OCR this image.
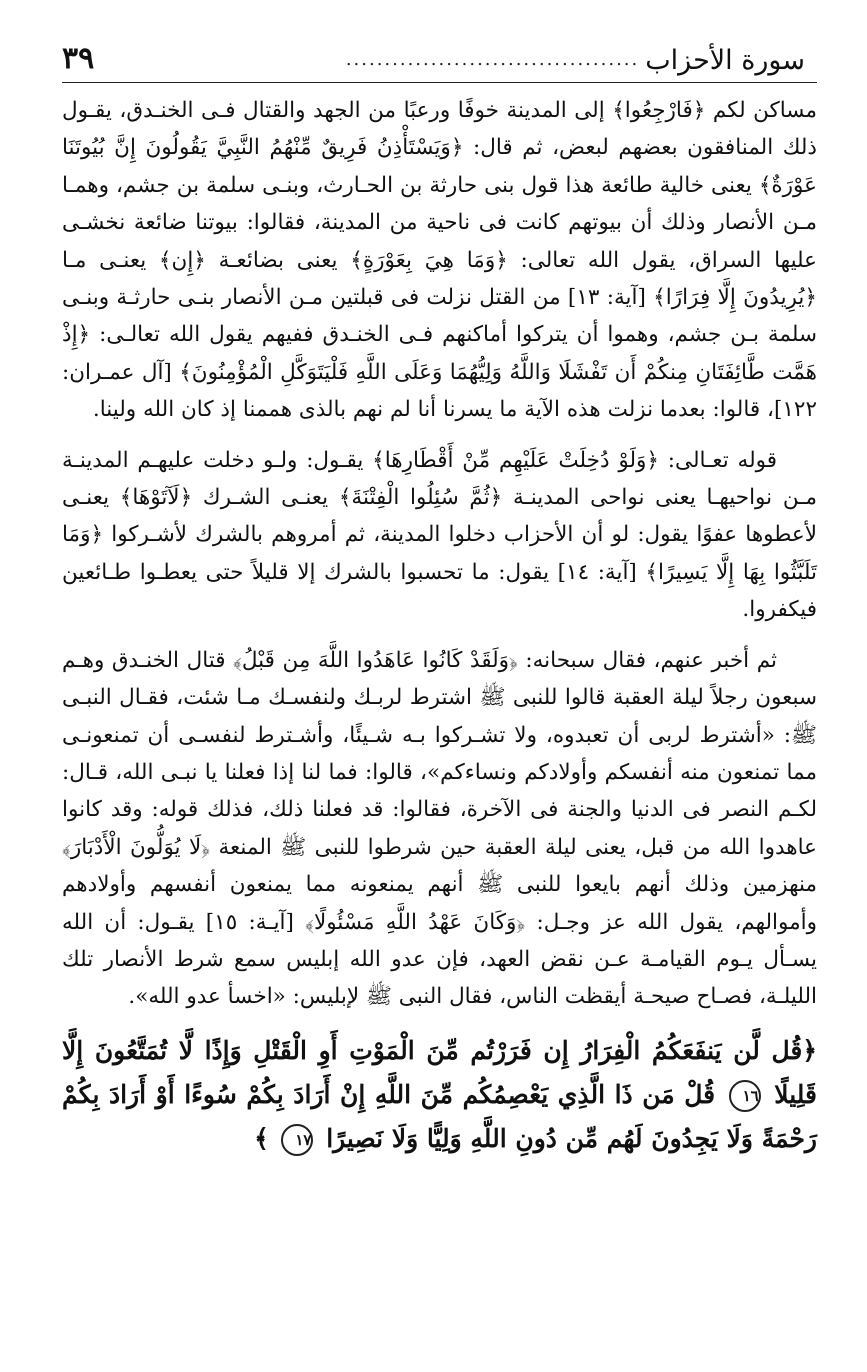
سورة الأحزاب
......................................
٣٩

مساكن لكم ﴿فَارْجِعُوا﴾ إلى المدينة خوفًا ورعبًا من الجهد والقتال فـى الخنـدق، يقـول ذلك المنافقون بعضهم لبعض، ثم قال: ﴿وَيَسْتَأْذِنُ فَرِيقٌ مِّنْهُمُ النَّبِيَّ يَقُولُونَ إِنَّ بُيُوتَنَا عَوْرَةٌ﴾ يعنى خالية طائعة هذا قول بنى حارثة بن الحـارث، وبنـى سلمة بن جشم، وهمـا مـن الأنصار وذلك أن بيوتهم كانت فى ناحية من المدينة، فقالوا: بيوتنا ضائعة نخشـى عليها السراق، يقول الله تعالى: ﴿وَمَا هِيَ بِعَوْرَةٍ﴾ يعنى بضائعـة ﴿إِن﴾ يعنـى مـا ﴿يُرِيدُونَ إِلَّا فِرَارًا﴾ [آية: ١٣] من القتل نزلت فى قبلتين مـن الأنصار بنـى حارثـة وبنـى سلمة بـن جشم، وهموا أن يتركوا أماكنهم فـى الخنـدق ففيهم يقول الله تعالـى: ﴿إِذْ هَمَّت طَّائِفَتَانِ مِنكُمْ أَن تَفْشَلَا وَاللَّهُ وَلِيُّهُمَا وَعَلَى اللَّهِ فَلْيَتَوَكَّلِ الْمُؤْمِنُونَ﴾ [آل عمـران: ١٢٢]، قالوا: بعدما نزلت هذه الآية ما يسرنا أنا لم نهم بالذى هممنا إذ كان الله ولينا.

قوله تعـالى: ﴿وَلَوْ دُخِلَتْ عَلَيْهِم مِّنْ أَقْطَارِهَا﴾ يقـول: ولـو دخلت عليهـم المدينـة مـن نواحيهـا يعنى نواحى المدينـة ﴿ثُمَّ سُئِلُوا الْفِتْنَةَ﴾ يعنـى الشـرك ﴿لَآتَوْهَا﴾ يعنـى لأعطوها عفوًا يقول: لو أن الأحزاب دخلوا المدينة، ثم أمروهم بالشرك لأشـركوا ﴿وَمَا تَلَبَّثُوا بِهَا إِلَّا يَسِيرًا﴾ [آية: ١٤] يقول: ما تحسبوا بالشرك إلا قليلاً حتى يعطـوا طـائعين فيكفروا.

ثم أخبر عنهم، فقال سبحانه: ﴿وَلَقَدْ كَانُوا عَاهَدُوا اللَّهَ مِن قَبْلُ﴾ قتال الخنـدق وهـم سبعون رجلاً ليلة العقبة قالوا للنبى ﷺ اشترط لربـك ولنفسـك مـا شئت، فقـال النبـى ﷺ: «أشترط لربى أن تعبدوه، ولا تشـركوا بـه شـيئًا، وأشـترط لنفسـى أن تمنعونـى مما تمنعون منه أنفسكم وأولادكم ونساءكم»، قالوا: فما لنا إذا فعلنا يا نبـى الله، قـال: لكـم النصر فى الدنيا والجنة فى الآخرة، فقالوا: قد فعلنا ذلك، فذلك قوله: وقد كانوا عاهدوا الله من قبل، يعنى ليلة العقبة حين شرطوا للنبى ﷺ المنعة ﴿لَا يُوَلُّونَ الْأَدْبَارَ﴾ منهزمين وذلك أنهم بايعوا للنبى ﷺ أنهم يمنعونه مما يمنعون أنفسهم وأولادهم وأموالهم، يقول الله عز وجـل: ﴿وَكَانَ عَهْدُ اللَّهِ مَسْئُولًا﴾ [آيـة: ١٥] يقـول: أن الله يسـأل يـوم القيامـة عـن نقض العهد، فإن عدو الله إبليس سمع شرط الأنصار تلك الليلـة، فصـاح صيحـة أيقظت الناس، فقال النبى ﷺ لإبليس: «اخسأ عدو الله».

﴿قُل لَّن يَنفَعَكُمُ الْفِرَارُ إِن فَرَرْتُم مِّنَ الْمَوْتِ أَوِ الْقَتْلِ وَإِذًا لَّا تُمَتَّعُونَ إِلَّا قَلِيلًا ١٦ قُلْ مَن ذَا الَّذِي يَعْصِمُكُم مِّنَ اللَّهِ إِنْ أَرَادَ بِكُمْ سُوءًا أَوْ أَرَادَ بِكُمْ رَحْمَةً وَلَا يَجِدُونَ لَهُم مِّن دُونِ اللَّهِ وَلِيًّا وَلَا نَصِيرًا ١٧ ﴾
